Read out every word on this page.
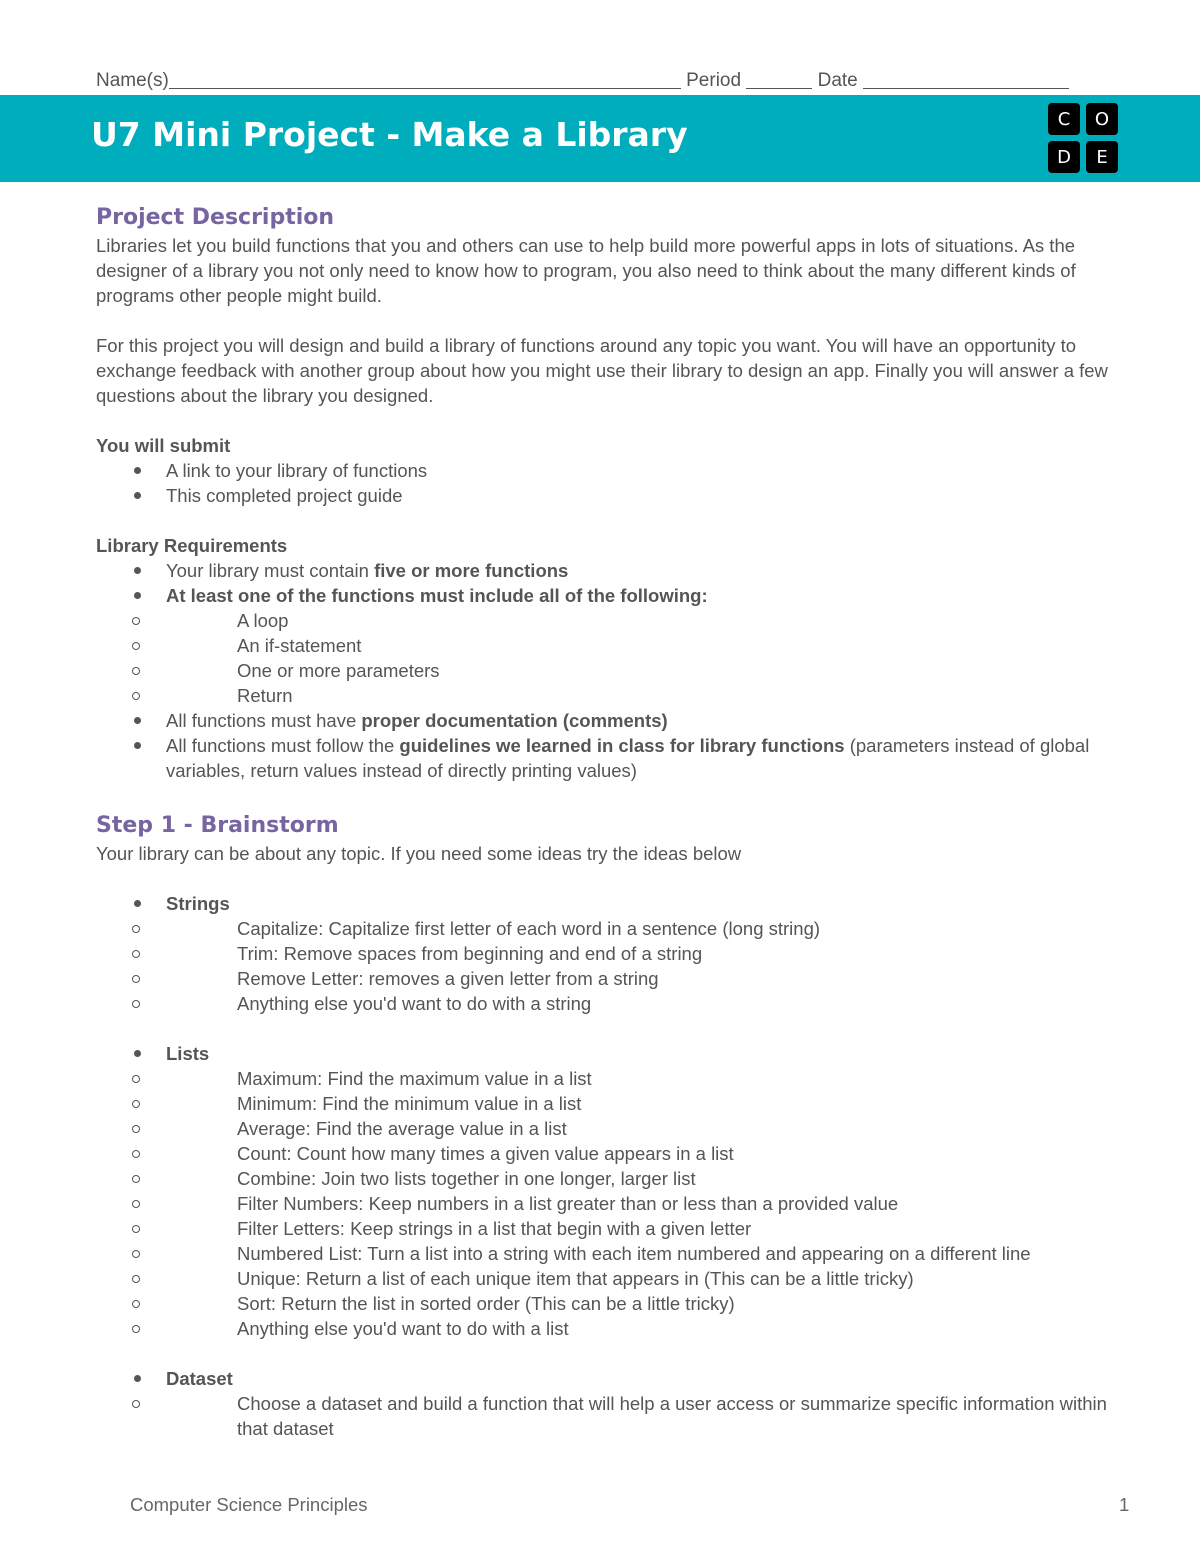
Name(s)	Period	Date
U7 Mini Project - Make a Library	C	O
D	E
Project Description

Libraries let you build functions that you and others can use to help build more powerful apps in lots of situations. As the designer of a library you not only need to know how to program, you also need to think about the many different kinds of programs other people might build.

For this project you will design and build a library of functions around any topic you want. You will have an opportunity to exchange feedback with another group about how you might use their library to design an app. Finally you will answer a few questions about the library you designed.

You will submit

A link to your library of functions
This completed project guide

Library Requirements

Your library must contain five or more functions
At least one of the functions must include all of the following:
A loop
An if-statement
One or more parameters
Return
All functions must have proper documentation (comments)
All functions must follow the guidelines we learned in class for library functions (parameters instead of global variables, return values instead of directly printing values)
Step 1 - Brainstorm

Your library can be about any topic. If you need some ideas try the ideas below

Strings
Capitalize: Capitalize first letter of each word in a sentence (long string)
Trim: Remove spaces from beginning and end of a string
Remove Letter: removes a given letter from a string
Anything else you'd want to do with a string
Lists
Maximum: Find the maximum value in a list
Minimum: Find the minimum value in a list
Average: Find the average value in a list
Count: Count how many times a given value appears in a list
Combine: Join two lists together in one longer, larger list
Filter Numbers: Keep numbers in a list greater than or less than a provided value
Filter Letters: Keep strings in a list that begin with a given letter
Numbered List: Turn a list into a string with each item numbered and appearing on a different line
Unique: Return a list of each unique item that appears in (This can be a little tricky)
Sort: Return the list in sorted order (This can be a little tricky)
Anything else you'd want to do with a list
Dataset
Choose a dataset and build a function that will help a user access or summarize specific information within that dataset
Computer Science Principles	1
